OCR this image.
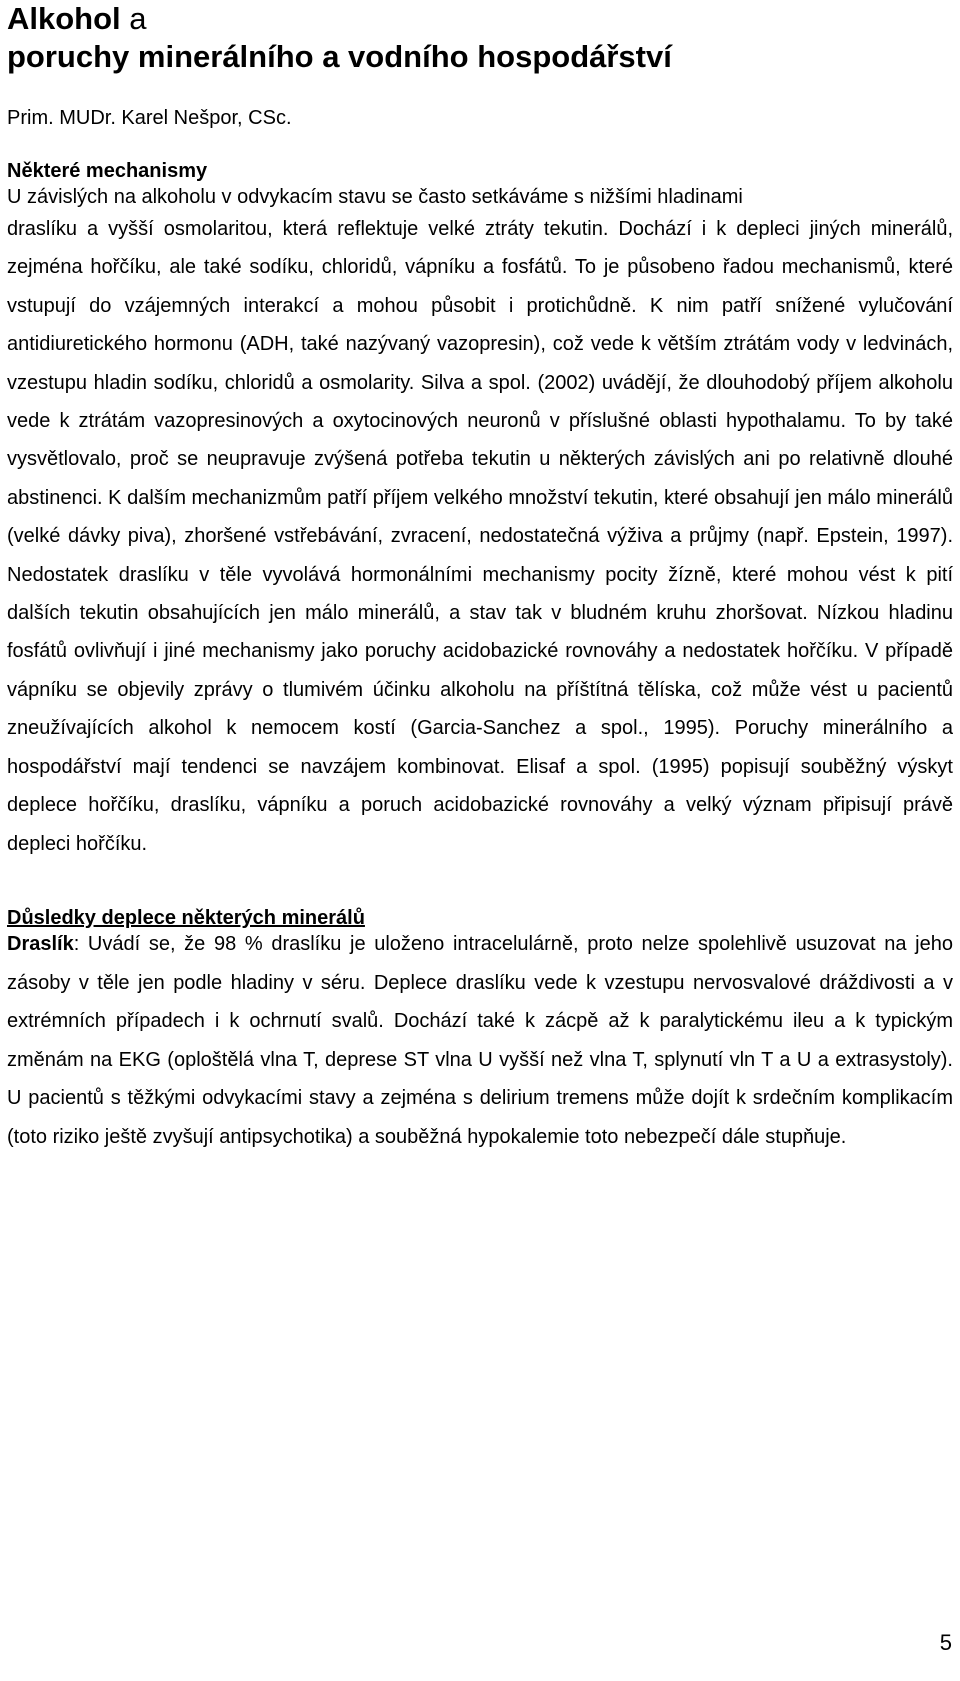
Alkohol a
poruchy minerálního a vodního hospodářství
Prim. MUDr. Karel Nešpor, CSc.
Některé mechanismy

U závislých na alkoholu v odvykacím stavu se často setkáváme s nižšími hladinami
draslíku a vyšší osmolaritou, která reflektuje velké ztráty tekutin. Dochází i k depleci jiných minerálů, zejména hořčíku, ale také sodíku, chloridů, vápníku a fosfátů. To je působeno řadou mechanismů, které vstupují do vzájemných interakcí a mohou působit i protichůdně. K nim patří snížené vylučování antidiuretického hormonu (ADH, také nazývaný vazopresin), což vede k větším ztrátám vody v ledvinách, vzestupu hladin sodíku, chloridů a osmolarity. Silva a spol. (2002) uvádějí, že dlouhodobý příjem alkoholu vede k ztrátám vazopresinových a oxytocinových neuronů v příslušné oblasti hypothalamu. To by také vysvětlovalo, proč se neupravuje zvýšená potřeba tekutin u některých závislých ani po relativně dlouhé abstinenci. K dalším mechanizmům patří příjem velkého množství tekutin, které obsahují jen málo minerálů (velké dávky piva), zhoršené vstřebávání, zvracení, nedostatečná výživa a průjmy (např. Epstein, 1997). Nedostatek draslíku v těle vyvolává hormonálními mechanismy pocity žízně, které mohou vést k pití dalších tekutin obsahujících jen málo minerálů, a stav tak v bludném kruhu zhoršovat. Nízkou hladinu fosfátů ovlivňují i jiné mechanismy jako poruchy acidobazické rovnováhy a nedostatek hořčíku. V případě vápníku se objevily zprávy o tlumivém účinku alkoholu na příštítná tělíska, což může vést u pacientů zneužívajících alkohol k nemocem kostí (Garcia-Sanchez a spol., 1995). Poruchy minerálního a hospodářství mají tendenci se navzájem kombinovat. Elisaf a spol. (1995) popisují souběžný výskyt deplece hořčíku, draslíku, vápníku a poruch acidobazické rovnováhy a velký význam připisují právě depleci hořčíku.

Důsledky deplece některých minerálů

Draslík: Uvádí se, že 98 % draslíku je uloženo intracelulárně, proto nelze spolehlivě usuzovat na jeho zásoby v těle jen podle hladiny v séru. Deplece draslíku vede k vzestupu nervosvalové dráždivosti a v extrémních případech i k ochrnutí svalů. Dochází také k zácpě až k paralytickému ileu a k typickým změnám na EKG (oploštělá vlna T, deprese ST vlna U vyšší než vlna T, splynutí vln T a U a extrasystoly). U pacientů s těžkými odvykacími stavy a zejména s delirium tremens může dojít k srdečním komplikacím (toto riziko ještě zvyšují antipsychotika) a souběžná hypokalemie toto nebezpečí dále stupňuje.

5
